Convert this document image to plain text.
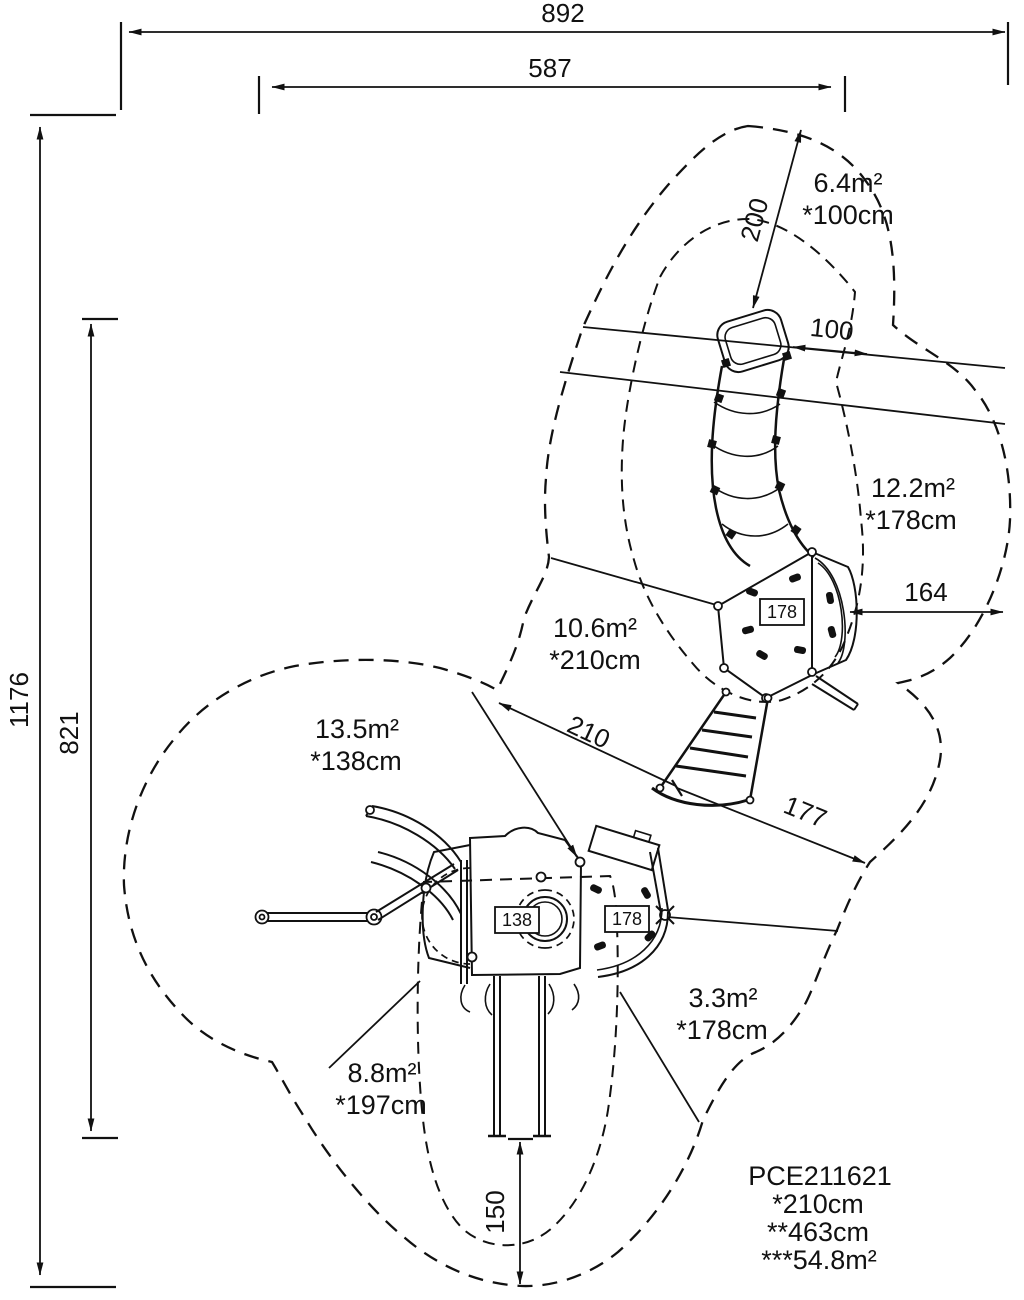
178
138	178
892
587
1176
821
200
100
164
210
177
150
6.4m²
*100cm
12.2m²
*178cm
10.6m²
*210cm
13.5m²
*138cm
3.3m²
*178cm
8.8m²
*197cm
PCE211621
*210cm
**463cm
***54.8m²
